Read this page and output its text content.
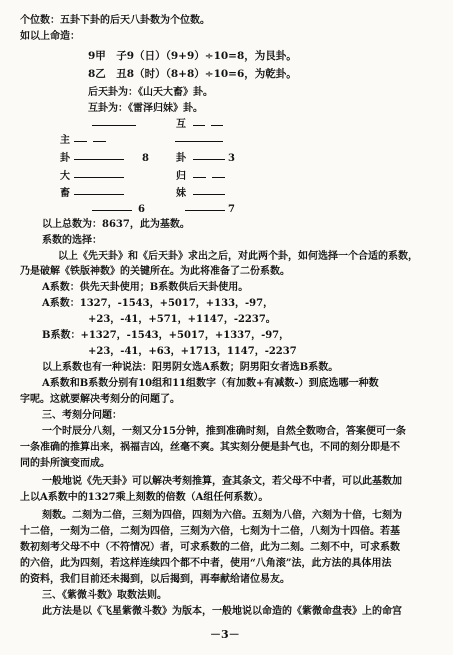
个位数：五卦下卦的后天八卦数为个位数。
如以上命造：
9甲　子9（日）（9+9）÷10=8，为艮卦。
8乙　丑8（时）（8+8）÷10=6，为乾卦。
后天卦为：《山天大畜》卦。
互卦为：《雷泽归妹》卦。
互
主
卦	8	卦	3
大	归
畜	妹
6	7
以上总数为：8637，此为基数。
系数的选择：
以上《先天卦》和《后天卦》求出之后，对此两个卦，如何选择一个合适的系数，
乃是破解《铁版神数》的关键所在。为此将准备了二份系数。
A系数：供先天卦使用；B系数供后天卦使用。
A系数：1327，-1543，+5017，+133，-97，
+23，-41，+571，+1147，-2237。
B系数：+1327，-1543，+5017，+1337，-97，
+23，-41，+63，+1713，1147，-2237
以上系数也有一种说法：阳男阴女选A系数；阴男阳女者选B系数。
A系数和B系数分别有10组和11组数字（有加数+有减数-）到底选哪一种数
字呢。这就要解决考刻分的问题了。
三、考刻分问题：
一个时辰分八刻，一刻又分15分钟，推到准确时刻，自然全数吻合，答案便可一条
一条准确的推算出来，祸福吉凶，丝毫不爽。其实刻分便是卦气也，不同的刻分即是不
同的卦所演变而成。
一般地说《先天卦》可以解决考刻推算，查其条文，若父母不中者，可以此基数加
上以A系数中的1327乘上刻数的倍数（A组任何系数）。
刻数。二刻为二倍，三刻为四倍，四刻为六倍。五刻为八倍，六刻为十倍，七刻为
十二倍，一刻为二倍，二刻为四倍，三刻为六倍，七刻为十二倍，八刻为十四倍。若基
数初刻考父母不中（不符情况）者，可求系数的二倍，此为二刻。二刻不中，可求系数
的六倍，此为四刻，若这样连续四个都不中者，使用“八角滚”法，此方法的具体用法
的资料，我们目前还未揭到，以后揭到，再奉献给诸位易友。
三、《紫微斗数》取数法则。
此方法是以《飞星紫微斗数》为版本，一般地说以命造的《紫微命盘表》上的命宫
－3－
